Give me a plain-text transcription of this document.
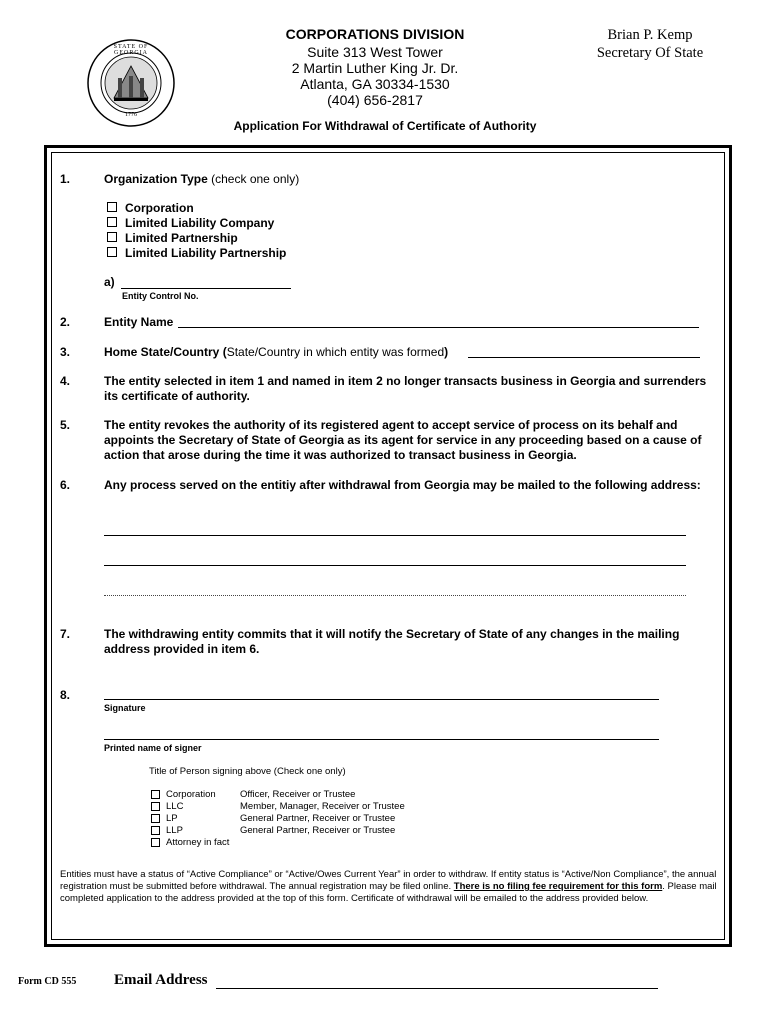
STATE OF GEORGIA
1776
CORPORATIONS DIVISION
Suite 313 West Tower
2 Martin Luther King Jr. Dr.
Atlanta, GA 30334-1530
(404) 656-2817
Brian P. Kemp
Secretary Of State
Application For Withdrawal of Certificate of Authority
1.	Organization Type (check one only)
Corporation
Limited Liability Company
Limited Partnership
Limited Liability Partnership
a)
Entity Control No.
2.	Entity Name
3.	Home State/Country (State/Country in which entity was formed)
4.	The entity selected in item 1 and named in item 2 no longer transacts business in Georgia and surrenders its certificate of authority.
5.	The entity revokes the authority of its registered agent to accept service of process on its behalf and appoints the Secretary of State of Georgia as its agent for service in any proceeding based on a cause of action that arose during the time it was authorized to transact business in Georgia.
6.	Any process served on the entitiy after withdrawal from Georgia may be mailed to the following address:
7.	The withdrawing entity commits that it will notify the Secretary of State of any changes in the mailing address provided in item 6.
8.
Signature
Printed name of signer
Title of Person signing above (Check one only)
Corporation	Officer, Receiver or Trustee
LLC	Member, Manager, Receiver or Trustee
LP	General Partner, Receiver or Trustee
LLP	General Partner, Receiver or Trustee
Attorney in fact
Entities must have a status of “Active Compliance” or “Active/Owes Current Year” in order to withdraw. If entity status is “Active/Non Compliance”, the annual registration must be submitted before withdrawal. The annual registration may be filed online. There is no filing fee requirement for this form. Please mail completed application to the address provided at the top of this form. Certificate of withdrawal will be emailed to the address provided below.
Form CD 555	Email Address
